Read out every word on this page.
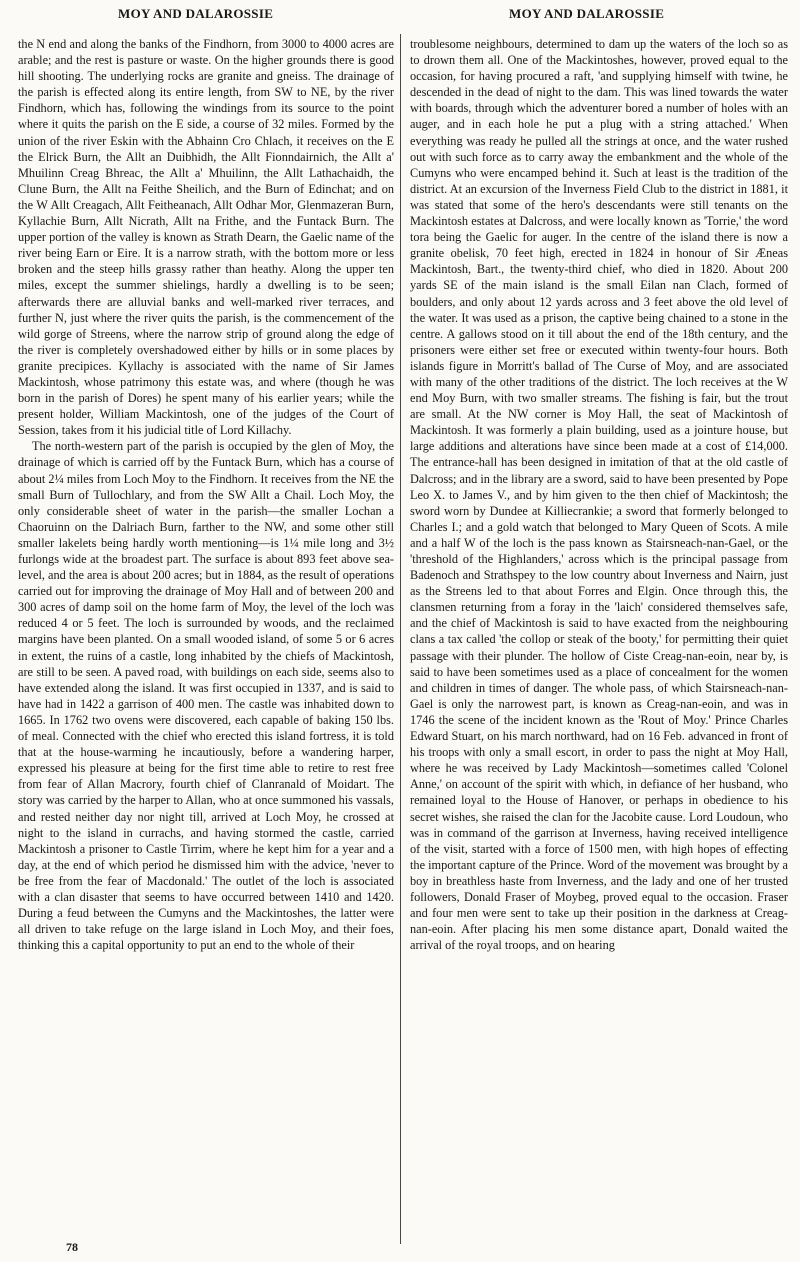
MOY AND DALAROSSIE	MOY AND DALAROSSIE

the N end and along the banks of the Findhorn, from 3000 to 4000 acres are arable; and the rest is pasture or waste. On the higher grounds there is good hill shooting. The underlying rocks are granite and gneiss. The drainage of the parish is effected along its entire length, from SW to NE, by the river Findhorn, which has, following the windings from its source to the point where it quits the parish on the E side, a course of 32 miles. Formed by the union of the river Eskin with the Abhainn Cro Chlach, it receives on the E the Elrick Burn, the Allt an Duibhidh, the Allt Fionndairnich, the Allt a' Mhuilinn Creag Bhreac, the Allt a' Mhuilinn, the Allt Lathachaidh, the Clune Burn, the Allt na Feithe Sheilich, and the Burn of Edinchat; and on the W Allt Creagach, Allt Feitheanach, Allt Odhar Mor, Glenmazeran Burn, Kyllachie Burn, Allt Nicrath, Allt na Frithe, and the Funtack Burn. The upper portion of the valley is known as Strath Dearn, the Gaelic name of the river being Earn or Eire. It is a narrow strath, with the bottom more or less broken and the steep hills grassy rather than heathy. Along the upper ten miles, except the summer shielings, hardly a dwelling is to be seen; afterwards there are alluvial banks and well-marked river terraces, and further N, just where the river quits the parish, is the commencement of the wild gorge of Streens, where the narrow strip of ground along the edge of the river is completely overshadowed either by hills or in some places by granite precipices. Kyllachy is associated with the name of Sir James Mackintosh, whose patrimony this estate was, and where (though he was born in the parish of Dores) he spent many of his earlier years; while the present holder, William Mackintosh, one of the judges of the Court of Session, takes from it his judicial title of Lord Killachy.

The north-western part of the parish is occupied by the glen of Moy, the drainage of which is carried off by the Funtack Burn, which has a course of about 2¼ miles from Loch Moy to the Findhorn. It receives from the NE the small Burn of Tullochlary, and from the SW Allt a Chail. Loch Moy, the only considerable sheet of water in the parish—the smaller Lochan a Chaoruinn on the Dalriach Burn, farther to the NW, and some other still smaller lakelets being hardly worth mentioning—is 1¼ mile long and 3½ furlongs wide at the broadest part. The surface is about 893 feet above sea-level, and the area is about 200 acres; but in 1884, as the result of operations carried out for improving the drainage of Moy Hall and of between 200 and 300 acres of damp soil on the home farm of Moy, the level of the loch was reduced 4 or 5 feet. The loch is surrounded by woods, and the reclaimed margins have been planted. On a small wooded island, of some 5 or 6 acres in extent, the ruins of a castle, long inhabited by the chiefs of Mackintosh, are still to be seen. A paved road, with buildings on each side, seems also to have extended along the island. It was first occupied in 1337, and is said to have had in 1422 a garrison of 400 men. The castle was inhabited down to 1665. In 1762 two ovens were discovered, each capable of baking 150 lbs. of meal. Connected with the chief who erected this island fortress, it is told that at the house-warming he incautiously, before a wandering harper, expressed his pleasure at being for the first time able to retire to rest free from fear of Allan Macrory, fourth chief of Clanranald of Moidart. The story was carried by the harper to Allan, who at once summoned his vassals, and rested neither day nor night till, arrived at Loch Moy, he crossed at night to the island in currachs, and having stormed the castle, carried Mackintosh a prisoner to Castle Tirrim, where he kept him for a year and a day, at the end of which period he dismissed him with the advice, 'never to be free from the fear of Macdonald.' The outlet of the loch is associated with a clan disaster that seems to have occurred between 1410 and 1420. During a feud between the Cumyns and the Mackintoshes, the latter were all driven to take refuge on the large island in Loch Moy, and their foes, thinking this a capital opportunity to put an end to the whole of their

troublesome neighbours, determined to dam up the waters of the loch so as to drown them all. One of the Mackintoshes, however, proved equal to the occasion, for having procured a raft, 'and supplying himself with twine, he descended in the dead of night to the dam. This was lined towards the water with boards, through which the adventurer bored a number of holes with an auger, and in each hole he put a plug with a string attached.' When everything was ready he pulled all the strings at once, and the water rushed out with such force as to carry away the embankment and the whole of the Cumyns who were encamped behind it. Such at least is the tradition of the district. At an excursion of the Inverness Field Club to the district in 1881, it was stated that some of the hero's descendants were still tenants on the Mackintosh estates at Dalcross, and were locally known as 'Torrie,' the word tora being the Gaelic for auger. In the centre of the island there is now a granite obelisk, 70 feet high, erected in 1824 in honour of Sir Æneas Mackintosh, Bart., the twenty-third chief, who died in 1820. About 200 yards SE of the main island is the small Eilan nan Clach, formed of boulders, and only about 12 yards across and 3 feet above the old level of the water. It was used as a prison, the captive being chained to a stone in the centre. A gallows stood on it till about the end of the 18th century, and the prisoners were either set free or executed within twenty-four hours. Both islands figure in Morritt's ballad of The Curse of Moy, and are associated with many of the other traditions of the district. The loch receives at the W end Moy Burn, with two smaller streams. The fishing is fair, but the trout are small. At the NW corner is Moy Hall, the seat of Mackintosh of Mackintosh. It was formerly a plain building, used as a jointure house, but large additions and alterations have since been made at a cost of £14,000. The entrance-hall has been designed in imitation of that at the old castle of Dalcross; and in the library are a sword, said to have been presented by Pope Leo X. to James V., and by him given to the then chief of Mackintosh; the sword worn by Dundee at Killiecrankie; a sword that formerly belonged to Charles I.; and a gold watch that belonged to Mary Queen of Scots. A mile and a half W of the loch is the pass known as Stairsneach-nan-Gael, or the 'threshold of the Highlanders,' across which is the principal passage from Badenoch and Strathspey to the low country about Inverness and Nairn, just as the Streens led to that about Forres and Elgin. Once through this, the clansmen returning from a foray in the 'laich' considered themselves safe, and the chief of Mackintosh is said to have exacted from the neighbouring clans a tax called 'the collop or steak of the booty,' for permitting their quiet passage with their plunder. The hollow of Ciste Creag-nan-eoin, near by, is said to have been sometimes used as a place of concealment for the women and children in times of danger. The whole pass, of which Stairsneach-nan-Gael is only the narrowest part, is known as Creag-nan-eoin, and was in 1746 the scene of the incident known as the 'Rout of Moy.' Prince Charles Edward Stuart, on his march northward, had on 16 Feb. advanced in front of his troops with only a small escort, in order to pass the night at Moy Hall, where he was received by Lady Mackintosh—sometimes called 'Colonel Anne,' on account of the spirit with which, in defiance of her husband, who remained loyal to the House of Hanover, or perhaps in obedience to his secret wishes, she raised the clan for the Jacobite cause. Lord Loudoun, who was in command of the garrison at Inverness, having received intelligence of the visit, started with a force of 1500 men, with high hopes of effecting the important capture of the Prince. Word of the movement was brought by a boy in breathless haste from Inverness, and the lady and one of her trusted followers, Donald Fraser of Moybeg, proved equal to the occasion. Fraser and four men were sent to take up their position in the darkness at Creag-nan-eoin. After placing his men some distance apart, Donald waited the arrival of the royal troops, and on hearing

78
